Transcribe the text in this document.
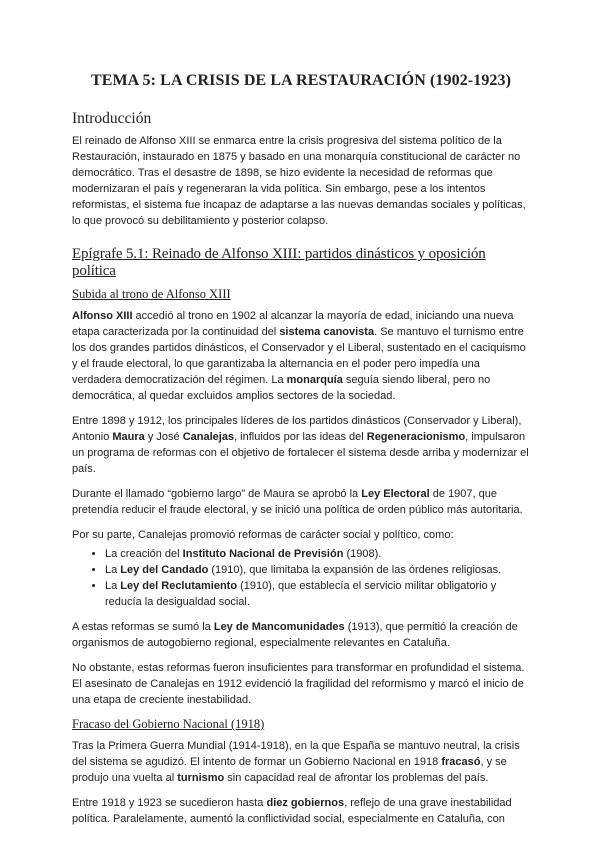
TEMA 5: LA CRISIS DE LA RESTAURACIÓN (1902-1923)
Introducción

El reinado de Alfonso XIII se enmarca entre la crisis progresiva del sistema político de la Restauración, instaurado en 1875 y basado en una monarquía constitucional de carácter no democrático. Tras el desastre de 1898, se hizo evidente la necesidad de reformas que modernizaran el país y regeneraran la vida política. Sin embargo, pese a los intentos reformistas, el sistema fue incapaz de adaptarse a las nuevas demandas sociales y políticas, lo que provocó su debilitamiento y posterior colapso.

Epígrafe 5.1: Reinado de Alfonso XIII: partidos dinásticos y oposición política
Subida al trono de Alfonso XIII

Alfonso XIII accedió al trono en 1902 al alcanzar la mayoría de edad, iniciando una nueva etapa caracterizada por la continuidad del sistema canovista. Se mantuvo el turnismo entre los dos grandes partidos dinásticos, el Conservador y el Liberal, sustentado en el caciquismo y el fraude electoral, lo que garantizaba la alternancia en el poder pero impedía una verdadera democratización del régimen. La monarquía seguía siendo liberal, pero no democrática, al quedar excluidos amplios sectores de la sociedad.

Entre 1898 y 1912, los principales líderes de los partidos dinásticos (Conservador y Liberal), Antonio Maura y José Canalejas, influidos por las ideas del Regeneracionismo, impulsaron un programa de reformas con el objetivo de fortalecer el sistema desde arriba y modernizar el país.

Durante el llamado “gobierno largo” de Maura se aprobó la Ley Electoral de 1907, que pretendía reducir el fraude electoral, y se inició una política de orden público más autoritaria.

Por su parte, Canalejas promovió reformas de carácter social y político, como:

• La creación del Instituto Nacional de Previsión (1908).
• La Ley del Candado (1910), que limitaba la expansión de las órdenes religiosas.
• La Ley del Reclutamiento (1910), que establecía el servicio militar obligatorio y reducía la desigualdad social.

A estas reformas se sumó la Ley de Mancomunidades (1913), que permitió la creación de organismos de autogobierno regional, especialmente relevantes en Cataluña.

No obstante, estas reformas fueron insuficientes para transformar en profundidad el sistema. El asesinato de Canalejas en 1912 evidenció la fragilidad del reformismo y marcó el inicio de una etapa de creciente inestabilidad.

Fracaso del Gobierno Nacional (1918)

Tras la Primera Guerra Mundial (1914-1918), en la que España se mantuvo neutral, la crisis del sistema se agudizó. El intento de formar un Gobierno Nacional en 1918 fracasó, y se produjo una vuelta al turnismo sin capacidad real de afrontar los problemas del país.

Entre 1918 y 1923 se sucedieron hasta diez gobiernos, reflejo de una grave inestabilidad política. Paralelamente, aumentó la conflictividad social, especialmente en Cataluña, con
